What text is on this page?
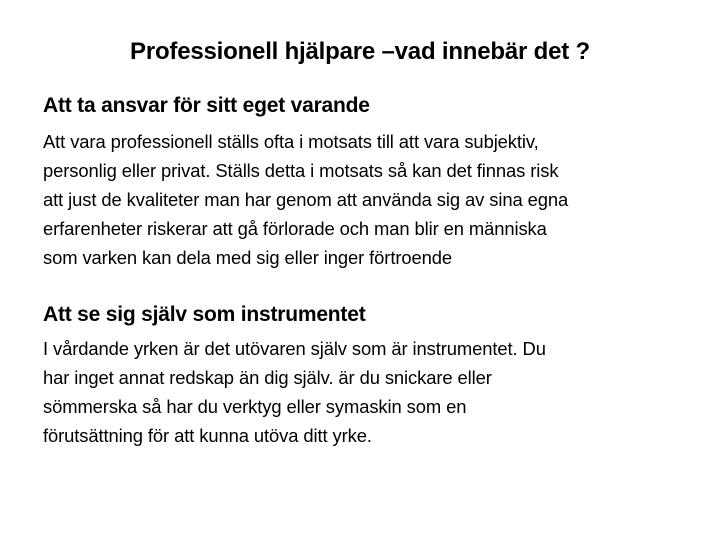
Professionell hjälpare –vad innebär det ?
Att ta ansvar för sitt eget varande
Att vara professionell ställs ofta i motsats till att vara subjektiv,
personlig eller privat. Ställs detta i motsats så kan det finnas risk
att just de kvaliteter man har genom att använda sig av sina egna
erfarenheter riskerar att gå förlorade och man blir en människa
som varken kan dela med sig eller inger förtroende
Att se sig själv som instrumentet
I vårdande yrken är det utövaren själv som är instrumentet. Du
har inget annat redskap än dig själv. är du snickare eller
sömmerska så har du verktyg eller symaskin som en
förutsättning för att kunna utöva ditt yrke.
